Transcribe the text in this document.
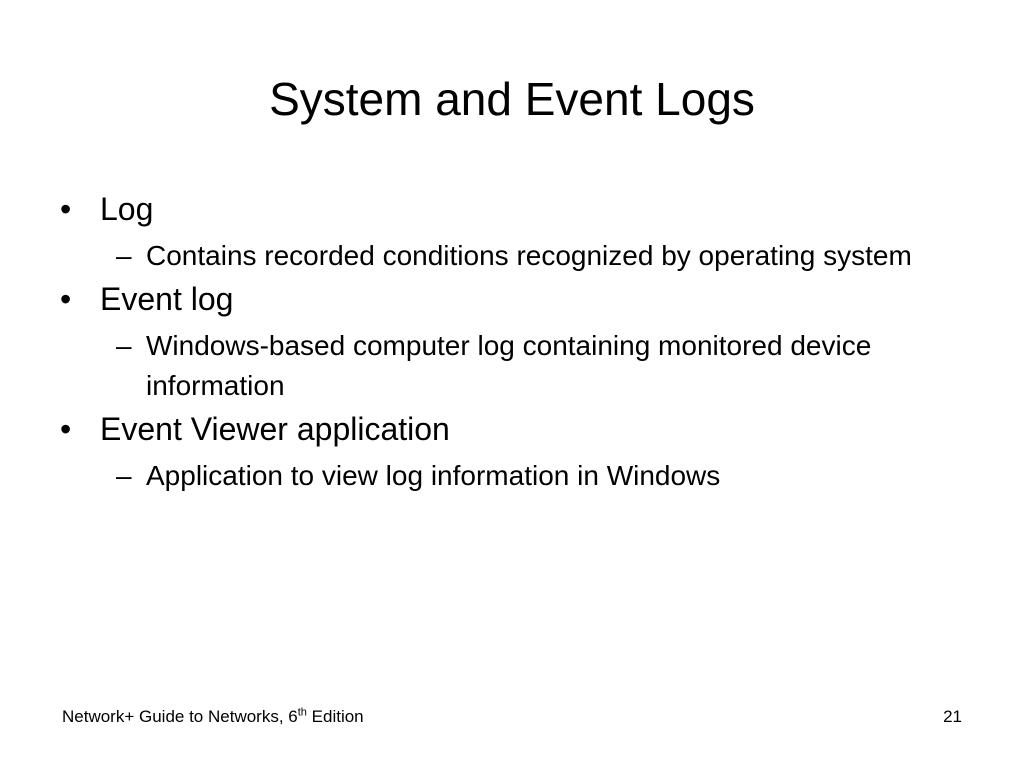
System and Event Logs
• Log
– Contains recorded conditions recognized by operating system
• Event log
– Windows-based computer log containing monitored device information
• Event Viewer application
– Application to view log information in Windows
Network+ Guide to Networks, 6th Edition	21
